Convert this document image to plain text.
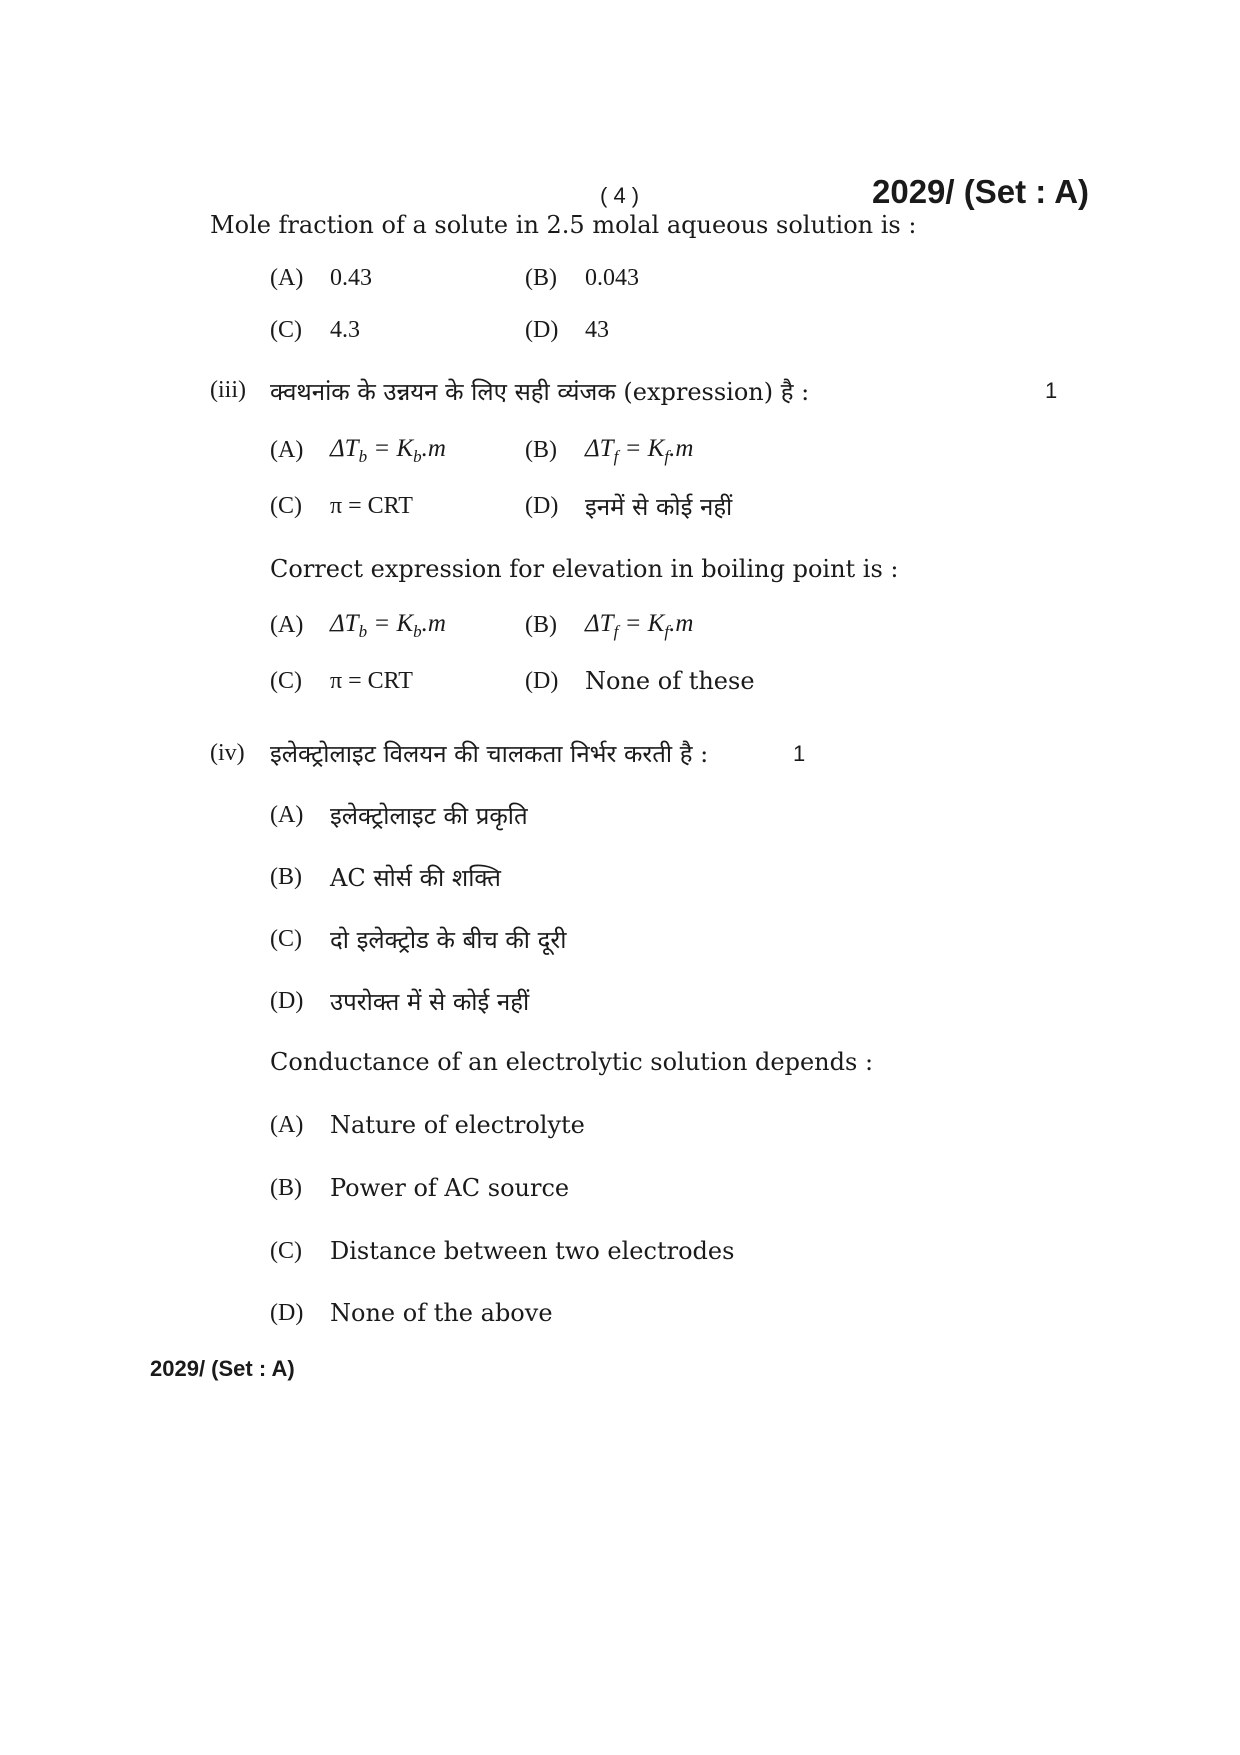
( 4 )	2029/ (Set : A)
Mole fraction of a solute in 2.5 molal aqueous solution is :
(A) 0.43	(B) 0.043
(C) 4.3	(D) 43
(iii) क्वथनांक के उन्नयन के लिए सही व्यंजक (expression) है :	1
(A) $\Delta T_b = K_b.m$	(B) $\Delta T_f = K_f.m$
(C) π = CRT	(D) इनमें से कोई नहीं
Correct expression for elevation in boiling point is :
(A) $\Delta T_b = K_b.m$	(B) $\Delta T_f = K_f.m$
(C) π = CRT	(D) None of these
(iv) इलेक्ट्रोलाइट विलयन की चालकता निर्भर करती है :	1
(A) इलेक्ट्रोलाइट की प्रकृति
(B) AC सोर्स की शक्ति
(C) दो इलेक्ट्रोड के बीच की दूरी
(D) उपरोक्त में से कोई नहीं
Conductance of an electrolytic solution depends :
(A) Nature of electrolyte
(B) Power of AC source
(C) Distance between two electrodes
(D) None of the above
2029/ (Set : A)
